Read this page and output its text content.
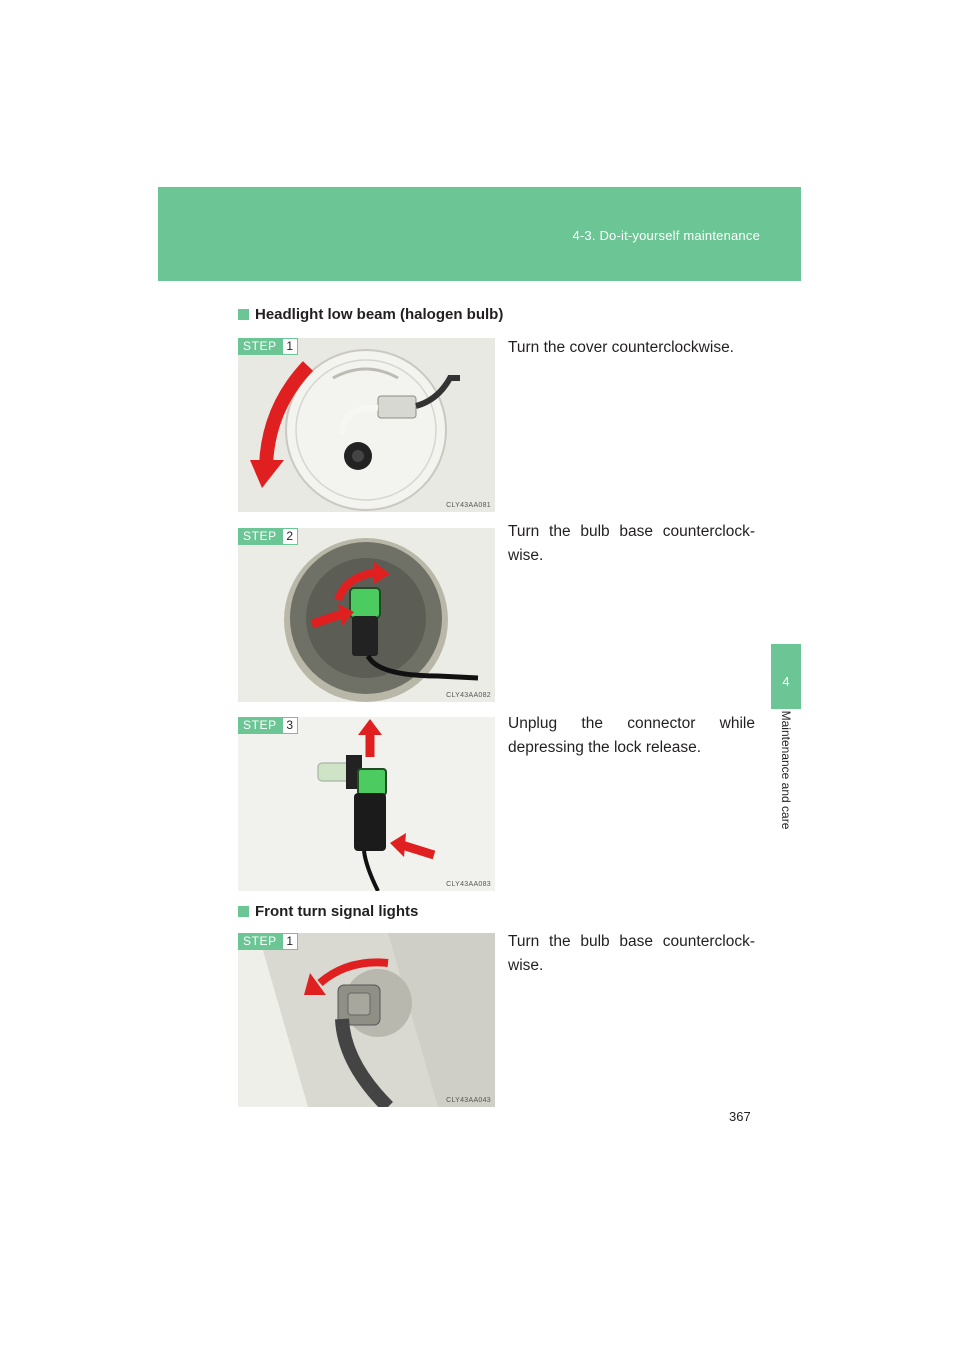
4-3. Do-it-yourself maintenance
4
Maintenance and care
Headlight low beam (halogen bulb)
STEP 1
CLY43AA081
Turn the cover counterclockwise.
STEP 2
CLY43AA082
Turn the bulb base counterclock-wise.
STEP 3
CLY43AA083
Unplug the connector while depressing the lock release.
Front turn signal lights
STEP 1
CLY43AA043
Turn the bulb base counterclock-wise.
367
